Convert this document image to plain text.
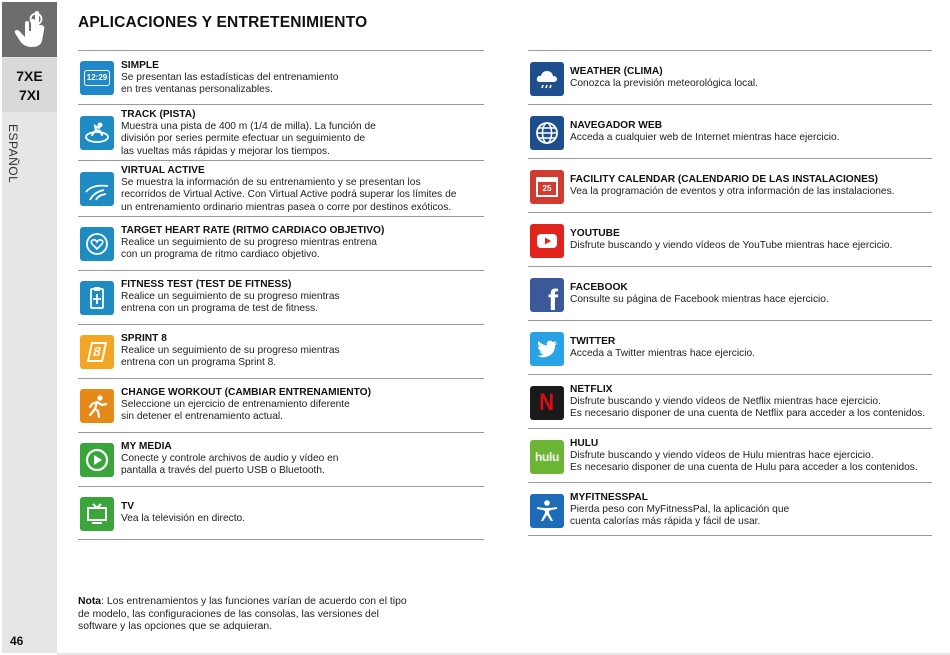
7XE
7XI
ESPAÑOL
46
APLICACIONES Y ENTRETENIMIENTO
12:29
SIMPLE
Se presentan las estadísticas del entrenamiento
en tres ventanas personalizables.
TRACK (PISTA)
Muestra una pista de 400 m (1/4 de milla). La función de
división por series permite efectuar un seguimiento de
las vueltas más rápidas y mejorar los tiempos.
VIRTUAL ACTIVE
Se muestra la información de su entrenamiento y se presentan los
recorridos de Virtual Active. Con Virtual Active podrá superar los límites de
un entrenamiento ordinario mientras pasea o corre por destinos exóticos.
TARGET HEART RATE (RITMO CARDIACO OBJETIVO)
Realice un seguimiento de su progreso mientras entrena
con un programa de ritmo cardiaco objetivo.
FITNESS TEST (TEST DE FITNESS)
Realice un seguimiento de su progreso mientras
entrena con un programa de test de fitness.
8
SPRINT 8
Realice un seguimiento de su progreso mientras
entrena con un programa Sprint 8.
CHANGE WORKOUT (CAMBIAR ENTRENAMIENTO)
Seleccione un ejercicio de entrenamiento diferente
sin detener el entrenamiento actual.
MY MEDIA
Conecte y controle archivos de audio y vídeo en
pantalla a través del puerto USB o Bluetooth.
TV
Vea la televisión en directo.
WEATHER (CLIMA)
Conozca la previsión meteorológica local.
NAVEGADOR WEB
Acceda a cualquier web de Internet mientras hace ejercicio.
25
FACILITY CALENDAR (CALENDARIO DE LAS INSTALACIONES)
Vea la programación de eventos y otra información de las instalaciones.
YOUTUBE
Disfrute buscando y viendo vídeos de YouTube mientras hace ejercicio.
f FACEBOOK
Consulte su página de Facebook mientras hace ejercicio.
TWITTER
Acceda a Twitter mientras hace ejercicio.
N NETFLIX
Disfrute buscando y viendo vídeos de Netflix mientras hace ejercicio.
Es necesario disponer de una cuenta de Netflix para acceder a los contenidos.
hulu
HULU
Disfrute buscando y viendo vídeos de Hulu mientras hace ejercicio.
Es necesario disponer de una cuenta de Hulu para acceder a los contenidos.
MYFITNESSPAL
Pierda peso con MyFitnessPal, la aplicación que
cuenta calorías más rápida y fácil de usar.
Nota: Los entrenamientos y las funciones varían de acuerdo con el tipo de modelo, las configuraciones de las consolas, las versiones del software y las opciones que se adquieran.
